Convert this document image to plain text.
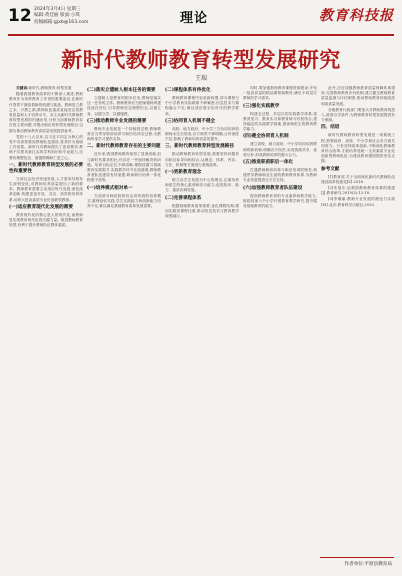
12 2024年3月4日 星期三
编辑:黄佳丽 版面:小琪
投稿邮箱:gjxb@163.com	理论	教育科技报
新时代教师教育转型发展研究
王瑞

关键词:新时代;教师教育;转型发展

随着我国教育改革的不断深入推进,教师教育作为培养教育工作者的重要途径,在新时代背景下面临着新的机遇与挑战。教师是立教之本、兴教之源,教师队伍素质直接决定着教育质量和人才培养水平。本文从新时代教师教育转型发展的内涵出发,分析当前教师教育存在的主要问题,并提出相应的转型发展路径,以期为推动教师教育高质量发展提供参考。

党的十八大以来,以习近平同志为核心的党中央高度重视教师队伍建设,将其作为基础工作来抓。新时代对教师提出了更高要求,教师不仅要具备扎实的学科知识和专业能力,还要有理想信念、道德情操和仁爱之心。

一、新时代教师教育转型发展的必要性和重要性

当前社会经济快速发展,人才需求结构发生深刻变化,对教师培养质量提出了新的要求。教师教育需要主动适应时代发展,深化改革创新,构建更加开放、灵活、高效的培养体系,培养大批高素质专业化创新型教师。

(一)适应教育现代化发展的需要

教育现代化的核心是人的现代化,而教师是实现教育现代化的关键力量。推进教师教育转型,有利于提升教师队伍整体素质。

(二)落实立德树人根本任务的需要

立德树人是教育的根本任务,教师是落实这一任务的主体。教师教育应当把师德师风建设放在首位,引导教师坚定理想信念,以德立身、以德立学、以德施教。

(三)推动教师专业发展的需要

教师专业发展是一个持续的过程,教师教育应当贯穿职前培养与职后培训全过程,为教师终身学习提供支持。

二、新时代教师教育存在的主要问题

近年来,我国教师教育取得了显著成就,但与新时代要求相比,仍存在一些亟待解决的问题。培养目标定位不够清晰,课程设置与基础教育实践脱节,实践教学环节比较薄弱,教师教育者队伍建设有待加强,职前职后培养一体化程度不高等。

(一)培养模式相对单一

当前部分师范院校仍沿用传统的培养模式,重理论轻实践,学生实践能力和创新能力培养不足,难以满足基础教育改革发展需要。

(二)课程体系有待优化

教师教育课程内容更新较慢,部分课程与中小学教育实际联系不够紧密,信息技术与课程融合不足,难以适应数字化时代的教学要求。

(三)协同育人机制不健全

高校、地方政府、中小学三方协同培养机制尚未完全形成,各方职责不够明确,合作深度不足,影响了教师培养质量的提升。

三、新时代教师教育转型发展路径

推动教师教育转型发展,需要坚持问题导向和目标导向相结合,从理念、体系、内容、方法、机制等方面进行系统改革。

(一)更新教育理念

树立以学生发展为中心的理念,注重培养师范生的核心素养和综合能力,促进知识、能力、素质协调发展。

(二)完善课程体系

根据基础教育改革需要,优化课程结构,增加实践类课程比重,推动信息技术与教育教学深度融合。

同时,要加强教师教育课程资源建设,开发一批高质量的精品课程和教材,满足不同层次教师的学习需求。

(三)强化实践教学

构建全过程、多层次的实践教学体系,将教育见习、教育实习和教育研习有机结合,建设稳定的实践教学基地,提高师范生的教育教学能力。

(四)健全协同育人机制

建立高校、地方政府、中小学协同培养教师的新机制,明确各方权责,实现资源共享、优势互补,形成教师培养的强大合力。

(五)推进职前职后一体化

打通教师职前培养与职后培训的壁垒,构建贯穿教师职业生涯的教师教育体系,为教师专业发展提供全方位支持。

(六)加强教师教育者队伍建设

提高教师教育者的专业素养和教学能力,鼓励其深入中小学开展教育教学研究,提升服务基础教育的能力。

此外,还应加强教师教育质量保障体系建设,完善教师教育评价机制,建立健全教师教育质量监测与评估制度,推动教师教育持续改进和高质量发展。

各级教育行政部门要加大对教师教育的投入,改善办学条件,为教师教育转型发展提供有力保障。

四、结语

新时代教师教育转型发展是一项系统工程,需要政府、高校、中小学和社会各方面共同努力。只有坚持改革创新,不断深化教师教育综合改革,才能培养造就一支高素质专业化创新型教师队伍,为建设教育强国提供坚实支撑。

参考文献

[1]教育部.关于全面深化新时代教师队伍建设改革的意见[Z].2018.

[2]朱旭东.论我国教师教育体系的重建[J].教育研究,2019(3):12-18.

[3]李瑾瑜.教师专业发展的理论与实践[M].北京:教育科学出版社,2020.

作者单位:平原县教育局
